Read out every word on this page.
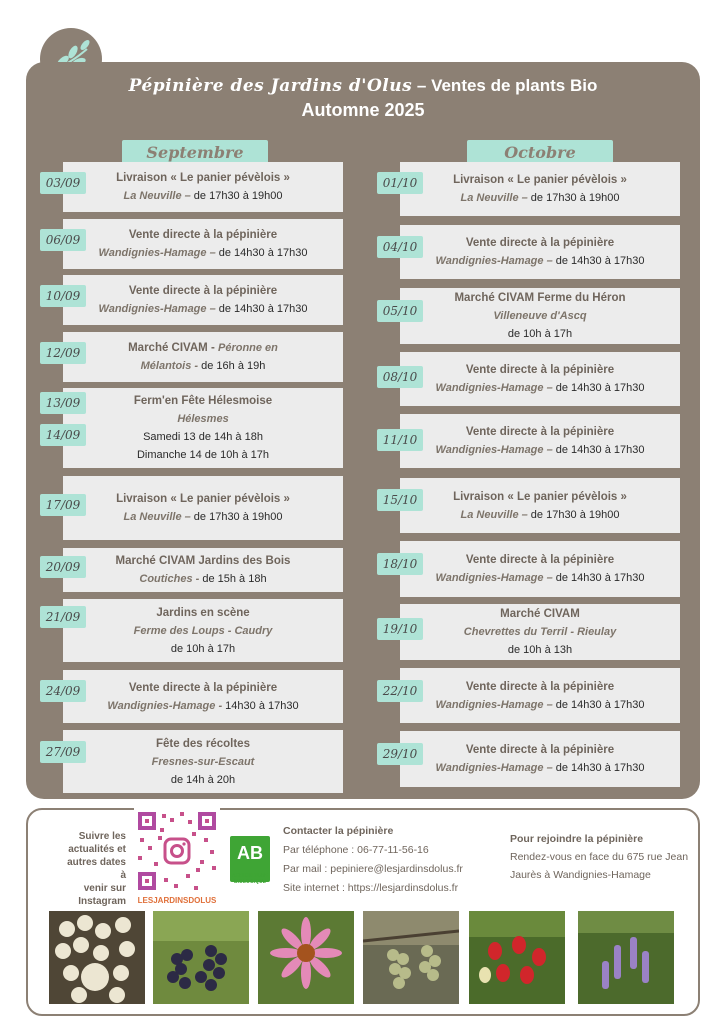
Pépinière des Jardins d'Olus – Ventes de plants Bio
Automne 2025
Septembre	Octobre
Livraison « Le panier pévèlois »
La Neuville – de 17h30 à 19h00
03/09
Vente directe à la pépinière
Wandignies-Hamage – de 14h30 à 17h30
06/09
Vente directe à la pépinière
Wandignies-Hamage – de 14h30 à 17h30
10/09
Marché CIVAM - Péronne en
Mélantois - de 16h à 19h
12/09
Ferm'en Fête Hélesmoise
Hélesmes
Samedi 13 de 14h à 18h
Dimanche 14 de 10h à 17h
13/09
14/09
Livraison « Le panier pévèlois »
La Neuville – de 17h30 à 19h00
17/09
Marché CIVAM Jardins des Bois
Coutiches - de 15h à 18h
20/09
Jardins en scène
Ferme des Loups - Caudry
de 10h à 17h
21/09
Vente directe à la pépinière
Wandignies-Hamage - 14h30 à 17h30
24/09
Fête des récoltes
Fresnes-sur-Escaut
de 14h à 20h
27/09
Livraison « Le panier pévèlois »
La Neuville – de 17h30 à 19h00
01/10
Vente directe à la pépinière
Wandignies-Hamage – de 14h30 à 17h30
04/10
Marché CIVAM Ferme du Héron
Villeneuve d'Ascq
de 10h à 17h
05/10
Vente directe à la pépinière
Wandignies-Hamage – de 14h30 à 17h30
08/10
Vente directe à la pépinière
Wandignies-Hamage – de 14h30 à 17h30
11/10
Livraison « Le panier pévèlois »
La Neuville – de 17h30 à 19h00
15/10
Vente directe à la pépinière
Wandignies-Hamage – de 14h30 à 17h30
18/10
Marché CIVAM
Chevrettes du Terril - Rieulay
de 10h à 13h
19/10
Vente directe à la pépinière
Wandignies-Hamage – de 14h30 à 17h30
22/10
Vente directe à la pépinière
Wandignies-Hamage – de 14h30 à 17h30
29/10
Suivre les
actualités et
autres dates à
venir sur
Instagram	LESJARDINSDOLUS
AB
AGRICULTURE BIOLOGIQUE
Contacter la pépinière
Par téléphone : 06-77-11-56-16
Par mail : pepiniere@lesjardinsdolus.fr
Site internet : https://lesjardinsdolus.fr
Pour rejoindre la pépinière
Rendez-vous en face du 675 rue Jean Jaurès à Wandignies-Hamage
